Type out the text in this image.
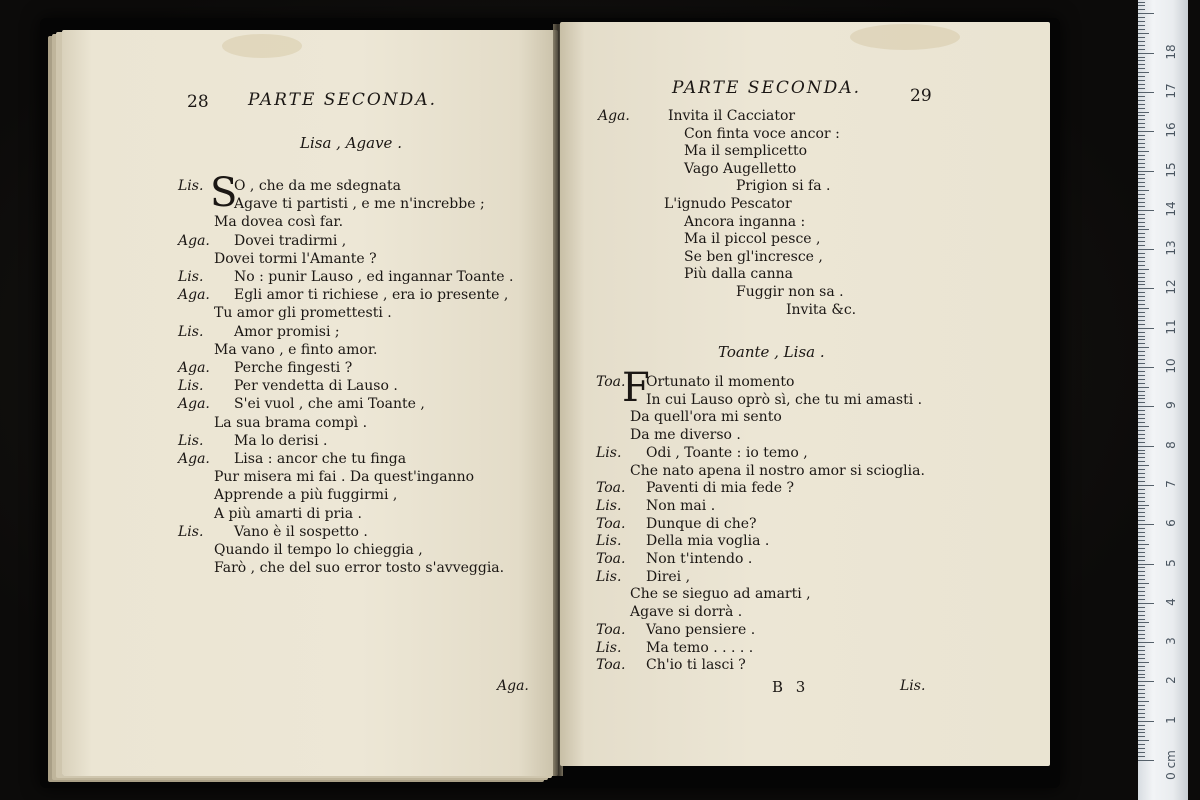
28 PARTE SECONDA.
Lisa , Agave .
S
Lis. O , che da me sdegnata
Agave ti partisti , e me n'increbbe ;
Ma dovea così far.
Aga. Dovei tradirmi ,
Dovei tormi l'Amante ?
Lis. No : punir Lauso , ed ingannar Toante .
Aga. Egli amor ti richiese , era io presente ,
Tu amor gli promettesti .
Lis. Amor promisi ;
Ma vano , e finto amor.
Aga. Perche fingesti ?
Lis. Per vendetta di Lauso .
Aga. S'ei vuol , che ami Toante ,
La sua brama compì .
Lis. Ma lo derisi .
Aga. Lisa : ancor che tu finga
Pur misera mi fai . Da quest'inganno
Apprende a più fuggirmi ,
A più amarti di pria .
Lis. Vano è il sospetto .
Quando il tempo lo chieggia ,
Farò , che del suo error tosto s'avveggia.
Aga.
PARTE SECONDA.	29
Aga.	Invita il Cacciator
Con finta voce ancor :
Ma il semplicetto
Vago Augelletto
Prigion si fa .
L'ignudo Pescator
Ancora inganna :
Ma il piccol pesce ,
Se ben gl'incresce ,
Più dalla canna
Fuggir non sa .
Invita &c.
Toante , Lisa .
F
Toa. Ortunato il momento
In cui Lauso oprò sì, che tu mi amasti .
Da quell'ora mi sento
Da me diverso .
Lis. Odi , Toante : io temo ,
Che nato apena il nostro amor si scioglia.
Toa. Paventi di mia fede ?
Lis. Non mai .
Toa. Dunque di che?
Lis. Della mia voglia .
Toa. Non t'intendo .
Lis. Direi ,
Che se sieguo ad amarti ,
Agave si dorrà .
Toa. Vano pensiere .
Lis. Ma temo . . . . .
Toa. Ch'io ti lasci ?
B 3	Lis.
0 cm
1
2
3
4
5
6
7
8
9
10
11
12
13
14
15
16
17
18
